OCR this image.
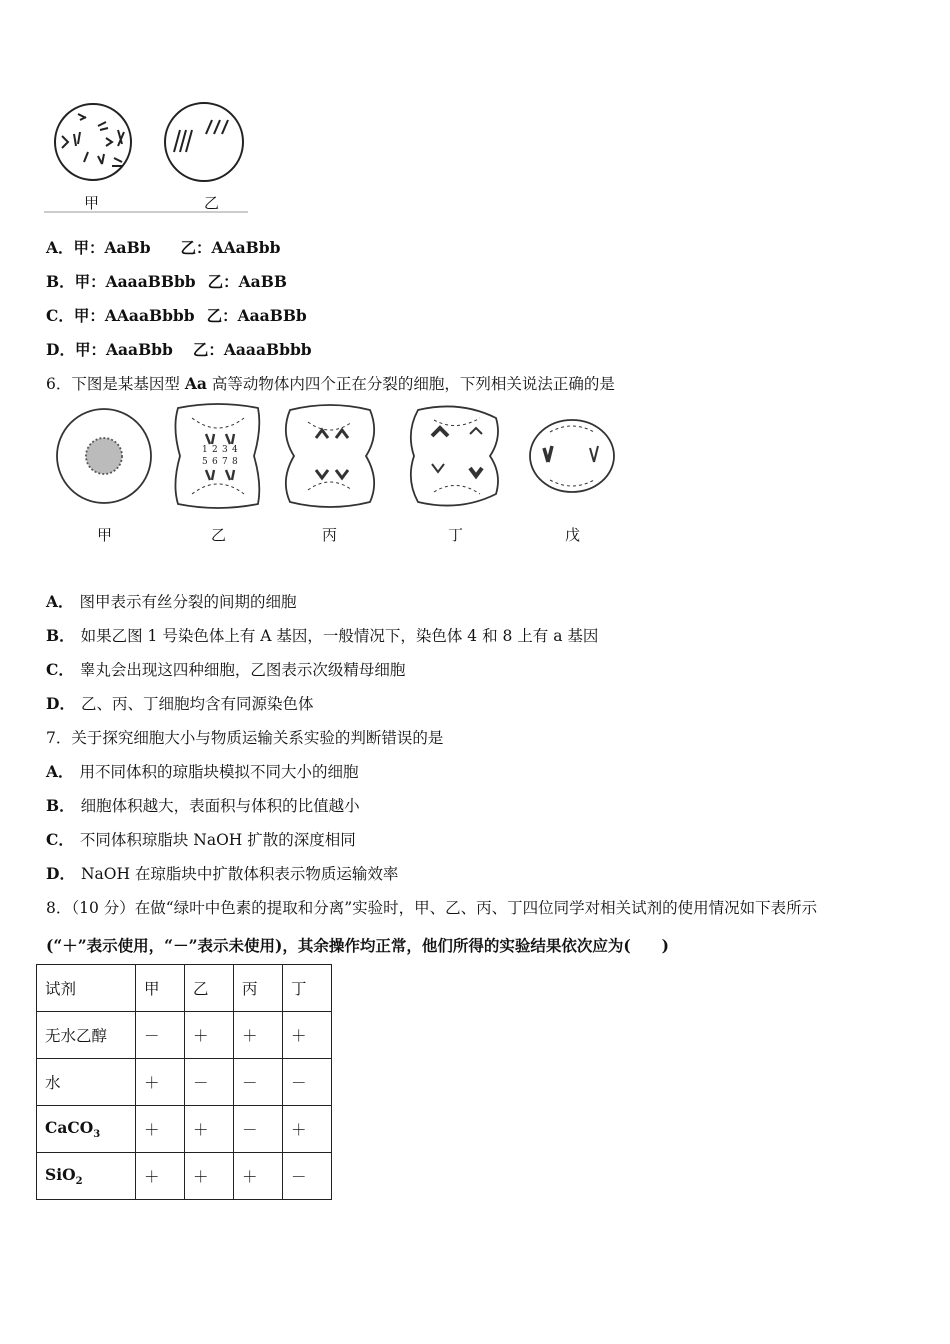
甲	乙
A．甲：AaBb 乙：AAaBbb
B．甲：AaaaBBbb 乙：AaBB
C．甲：AAaaBbbb 乙：AaaBBb
D．甲：AaaBbb 乙：AaaaBbbb
6．下图是某基因型 Aa 高等动物体内四个正在分裂的细胞，下列相关说法正确的是
1 2 3 4
5 6 7 8
甲	乙	丙	丁	戊
A． 图甲表示有丝分裂的间期的细胞
B． 如果乙图 1 号染色体上有 A 基因，一般情况下，染色体 4 和 8 上有 a 基因
C． 睾丸会出现这四种细胞，乙图表示次级精母细胞
D． 乙、丙、丁细胞均含有同源染色体
7．关于探究细胞大小与物质运输关系实验的判断错误的是
A． 用不同体积的琼脂块模拟不同大小的细胞
B． 细胞体积越大，表面积与体积的比值越小
C． 不同体积琼脂块 NaOH 扩散的深度相同
D． NaOH 在琼脂块中扩散体积表示物质运输效率
8．（10 分）在做“绿叶中色素的提取和分离”实验时，甲、乙、丙、丁四位同学对相关试剂的使用情况如下表所示
(“＋”表示使用，“－”表示未使用)，其余操作均正常，他们所得的实验结果依次应为(　　)
试剂	甲	乙	丙	丁
无水乙醇	－	＋	＋	＋
水	＋	－	－	－
CaCO$_3$	＋	＋	－	＋
SiO$_2$	＋	＋	＋	－
